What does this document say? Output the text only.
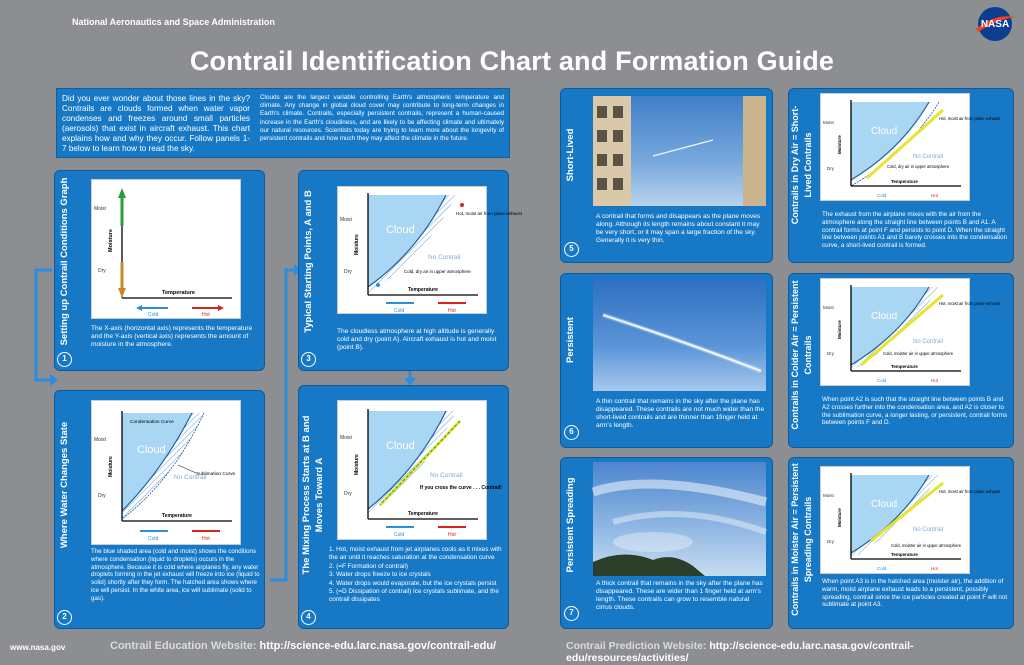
National Aeronautics and Space Administration	NASA
Contrail Identification Chart and Formation Guide
Did you ever wonder about those lines in the sky? Contrails are clouds formed when water vapor condenses and freezes around small particles (aerosols) that exist in aircraft exhaust. This chart explains how and why they occur. Follow panels 1-7 below to learn how to read the sky.
Clouds are the largest variable controlling Earth's atmospheric temperature and climate. Any change in global cloud cover may contribute to long-term changes in Earth's climate. Contrails, especially persistent contrails, represent a human-caused increase in the Earth's cloudiness, and are likely to be affecting climate and ultimately our natural resources. Scientists today are trying to learn more about the longevity of persistent contrails and how much they may affect the climate in the future.
Setting up Contrail Conditions Graph
1
Moist
Dry
Moisture
Temperature
Cold	Hot
The X-axis (horizontal axis) represents the temperature and the Y-axis (vertical axis) represents the amount of moisture in the atmosphere.
Where Water Changes State
2
Cloud
No Contrail
Condensation Curve
Sublimation Curve
Moist
Dry
Moisture
Temperature
Cold	Hot
The blue shaded area (cold and moist) shows the conditions where condensation (liquid to droplets) occurs in the atmosphere. Because it is cold where airplanes fly, any water droplets forming in the jet exhaust will freeze into ice (liquid to solid) shortly after they form. The hatched area shows where ice will persist. In the white area, ice will sublimate (solid to gas).
Typical Starting Points, A and B
3
Cloud
No Contrail
Hot, moist air from plane exhaust
Cold, dry air in upper atmosphere
Moist
Dry
Moisture
Temperature
Cold	Hot
The cloudless atmosphere at high altitude is generally cold and dry (point A). Aircraft exhaust is hot and moist (point B).
The Mixing Process Starts at B and Moves Toward A
4
Cloud
No Contrail
If you cross the curve . . . Contrail!
Moist
Dry
Moisture
Temperature
Cold	Hot
1. Hot, moist exhaust from jet airplanes cools as it mixes with the air until it reaches saturation at the condensation curve
2. (=F Formation of contrail)
3. Water drops freeze to ice crystals
4. Water drops would evaporate, but the ice crystals persist
5. (=D Dissipation of contrail) Ice crystals sublimate, and the contrail dissipates
Short-Lived
5
A contrail that forms and disappears as the plane moves along. Although its length remains about constant it may be very short, or it may span a large fraction of the sky. Generally it is very thin.
Persistent
6
A thin contrail that remains in the sky after the plane has disappeared. These contrails are not much wider than the short-lived contrails and are thinner than 1finger held at arm's length.
Persistent Spreading
7
A thick contrail that remains in the sky after the plane has disappeared. These are wider than 1 finger held at arm's length. These contrails can grow to resemble natural cirrus clouds.
Contrails in Dry Air = Short-Lived Contrails
Cloud
No Contrail
Hot, moist air from plane exhaust
Cold, dry air in upper atmosphere
Moist
Dry
Moisture
Temperature
Cold	Hot
The exhaust from the airplane mixes with the air from the atmosphere along the straight line between points B and A1. A contrail forms at point F and persists to point D. When the straight line between points A1 and B barely crosses into the condensation curve, a short-lived contrail is formed.
Contrails in Colder Air = Persistent Contrails
Cloud
No Contrail
Hot, moist air from plane exhaust
Cold, moister air in upper atmosphere
Moist
Dry
Moisture
Temperature
Cold	Hot
When point A2 is such that the straight line between points B and A2 crosses further into the condensation area, and A2 is closer to the sublimation curve, a longer lasting, or persistent, contrail forms between points F and D.
Contrails in Moister Air = Persistent Spreading Contrails	Cloud
No Contrail
Hot, moist air from plane exhaust
Cold, moister air in upper atmosphere
Moist
Dry
Moisture
Temperature
Cold	Hot
When point A3 is in the hatched area (moister air), the addition of warm, moist airplane exhaust leads to a persistent, possibly spreading, contrail since the ice particles created at point F will not sublimate at point A3.
www.nasa.gov	Contrail Education Website: http://science-edu.larc.nasa.gov/contrail-edu/	Contrail Prediction Website: http://science-edu.larc.nasa.gov/contrail-edu/resources/activities/
